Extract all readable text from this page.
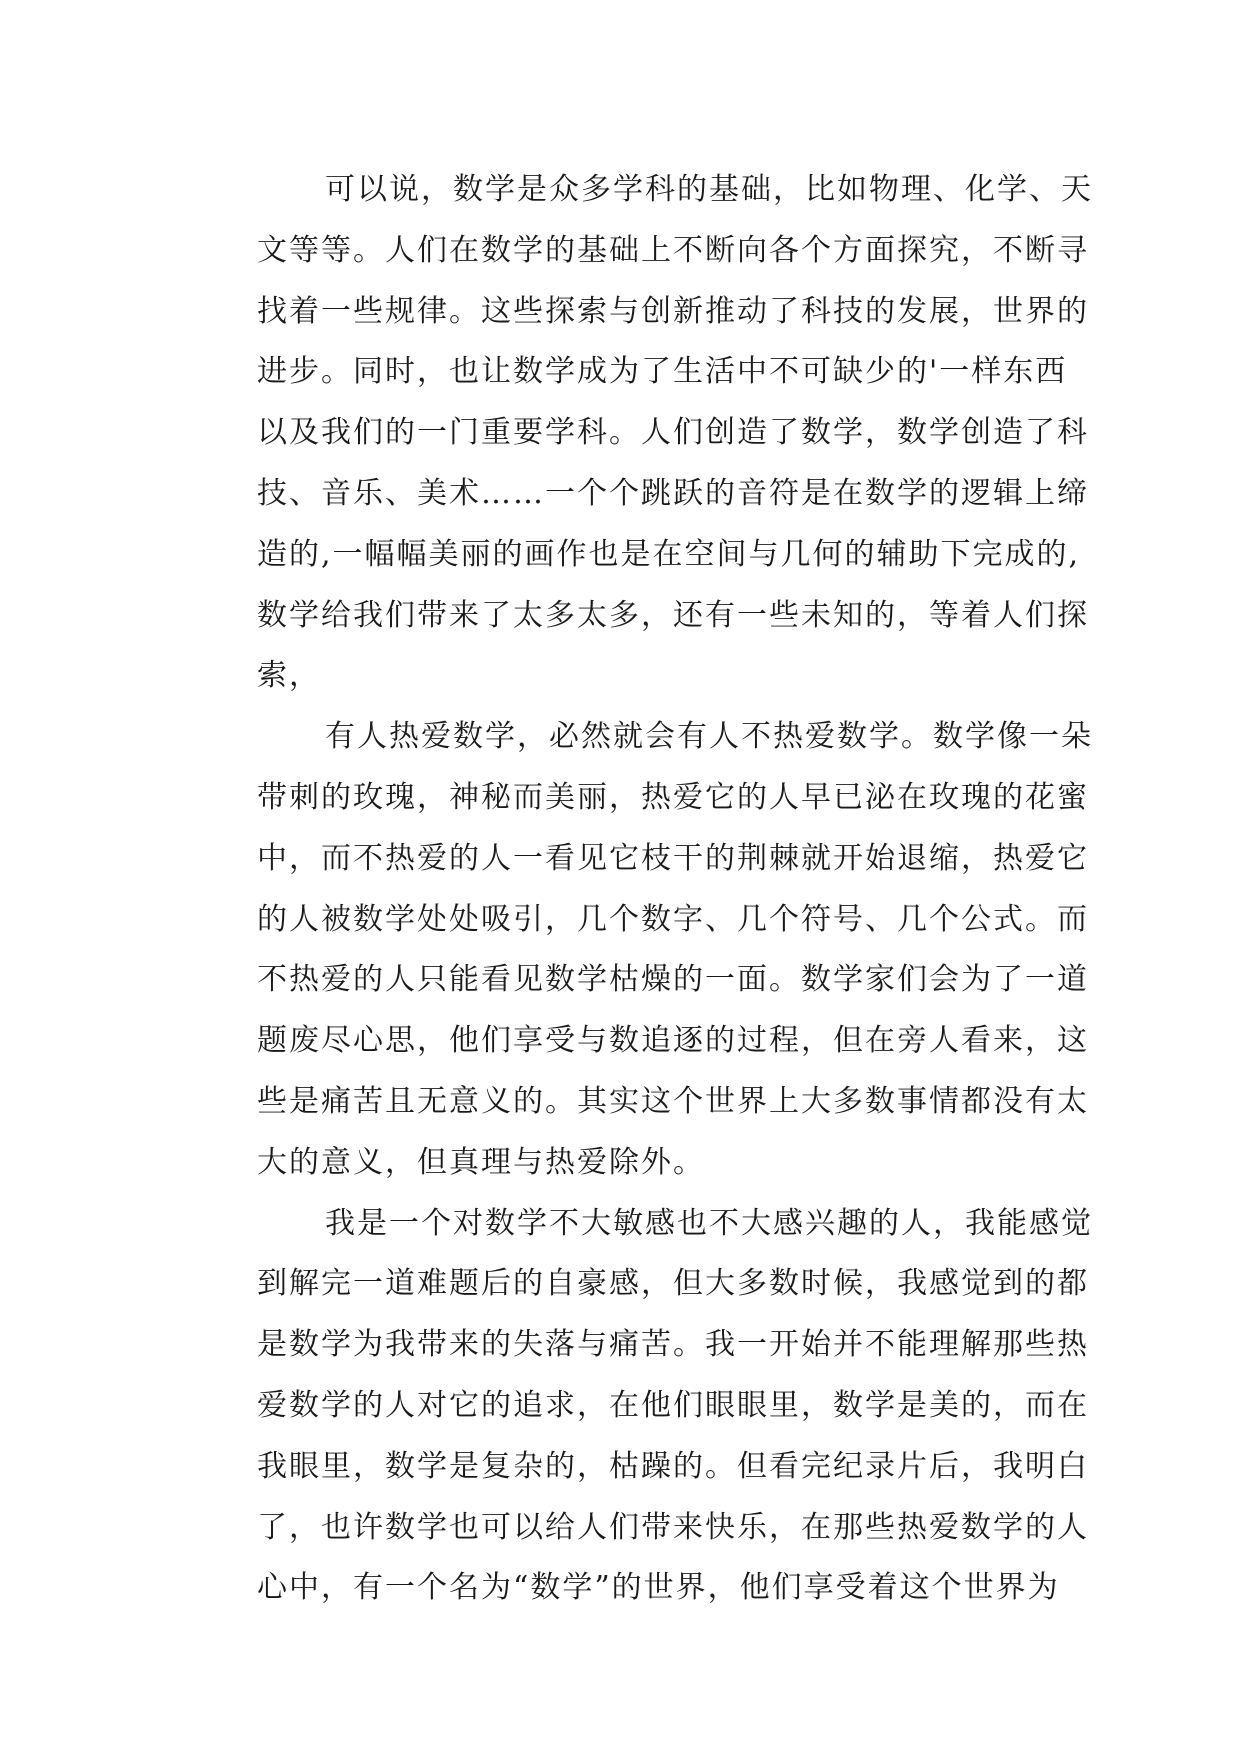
可以说，数学是众多学科的基础，比如物理、化学、天
文等等。人们在数学的基础上不断向各个方面探究，不断寻
找着一些规律。这些探索与创新推动了科技的发展，世界的
进步。同时，也让数学成为了生活中不可缺少的'一样东西
以及我们的一门重要学科。人们创造了数学，数学创造了科
技、音乐、美术……一个个跳跃的音符是在数学的逻辑上缔
造的,一幅幅美丽的画作也是在空间与几何的辅助下完成的,
数学给我们带来了太多太多，还有一些未知的，等着人们探
索，
有人热爱数学，必然就会有人不热爱数学。数学像一朵
带刺的玫瑰，神秘而美丽，热爱它的人早已泌在玫瑰的花蜜
中，而不热爱的人一看见它枝干的荆棘就开始退缩，热爱它
的人被数学处处吸引，几个数字、几个符号、几个公式。而
不热爱的人只能看见数学枯燥的一面。数学家们会为了一道
题废尽心思，他们享受与数追逐的过程，但在旁人看来，这
些是痛苦且无意义的。其实这个世界上大多数事情都没有太
大的意义，但真理与热爱除外。
我是一个对数学不大敏感也不大感兴趣的人，我能感觉
到解完一道难题后的自豪感，但大多数时候，我感觉到的都
是数学为我带来的失落与痛苦。我一开始并不能理解那些热
爱数学的人对它的追求，在他们眼眼里，数学是美的，而在
我眼里，数学是复杂的，枯躁的。但看完纪录片后，我明白
了，也许数学也可以给人们带来快乐，在那些热爱数学的人
心中，有一个名为“数学”的世界，他们享受着这个世界为
